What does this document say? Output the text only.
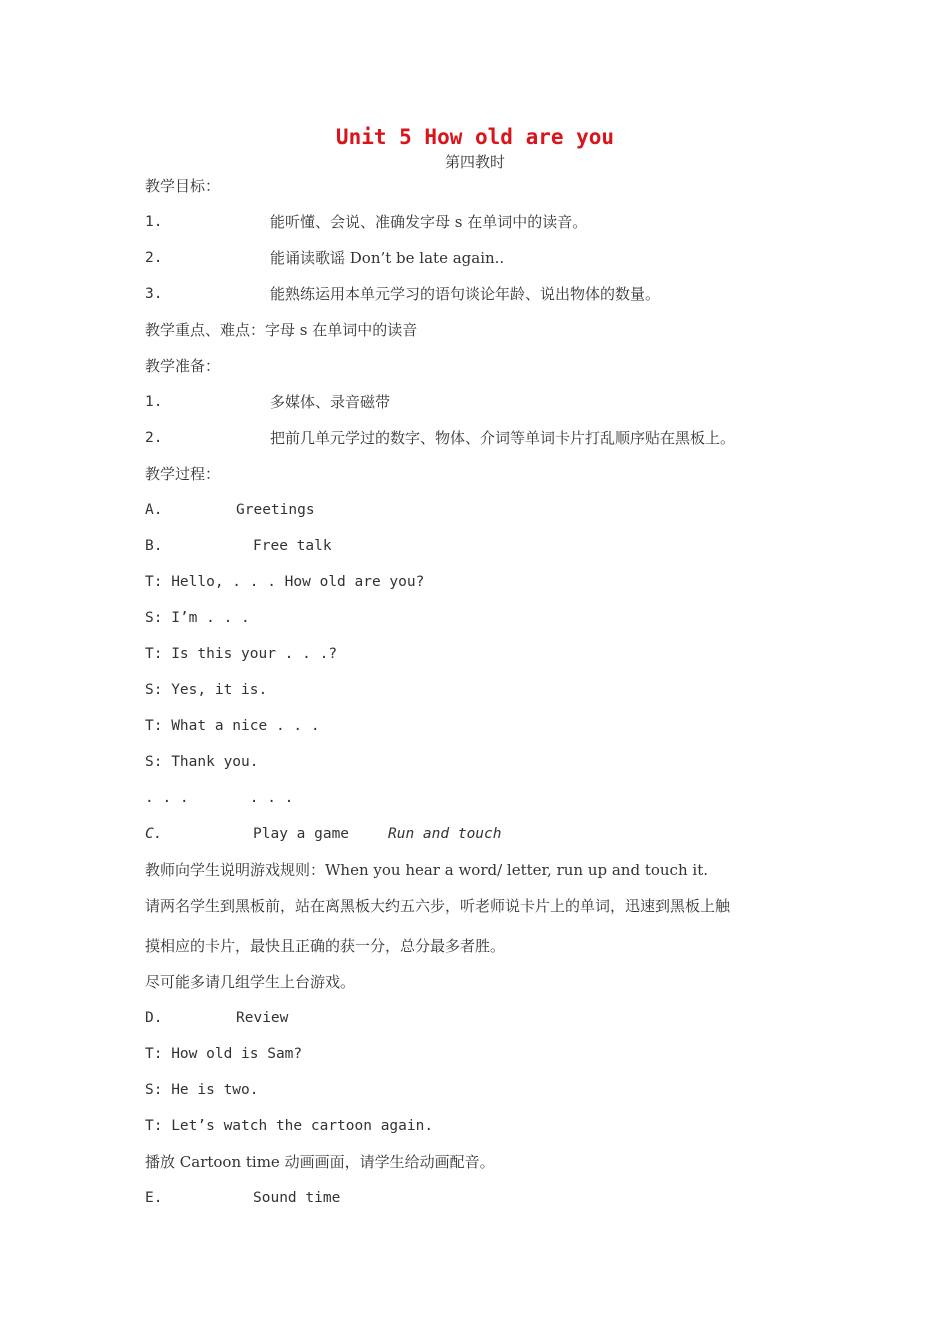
Unit 5 How old are you
第四教时
教学目标：
1.	能听懂、会说、准确发字母 s 在单词中的读音。
2.	能诵读歌谣 Don’t be late again..
3.	能熟练运用本单元学习的语句谈论年龄、说出物体的数量。
教学重点、难点：字母 s 在单词中的读音
教学准备：
1.	多媒体、录音磁带
2.	把前几单元学过的数字、物体、介词等单词卡片打乱顺序贴在黑板上。
教学过程：
A.	Greetings
B.	Free talk
T: Hello, . . . How old are you?
S: I’m . . .
T: Is this your . . .?
S: Yes, it is.
T: What a nice . . .
S: Thank you.
. . .       . . .
C.	Play a game	Run and touch
教师向学生说明游戏规则：When you hear a word/ letter, run up and touch it.
请两名学生到黑板前，站在离黑板大约五六步，听老师说卡片上的单词，迅速到黑板上触
摸相应的卡片，最快且正确的获一分，总分最多者胜。
尽可能多请几组学生上台游戏。
D.	Review
T: How old is Sam?
S: He is two.
T: Let’s watch the cartoon again.
播放 Cartoon time 动画画面，请学生给动画配音。
E.	Sound time
